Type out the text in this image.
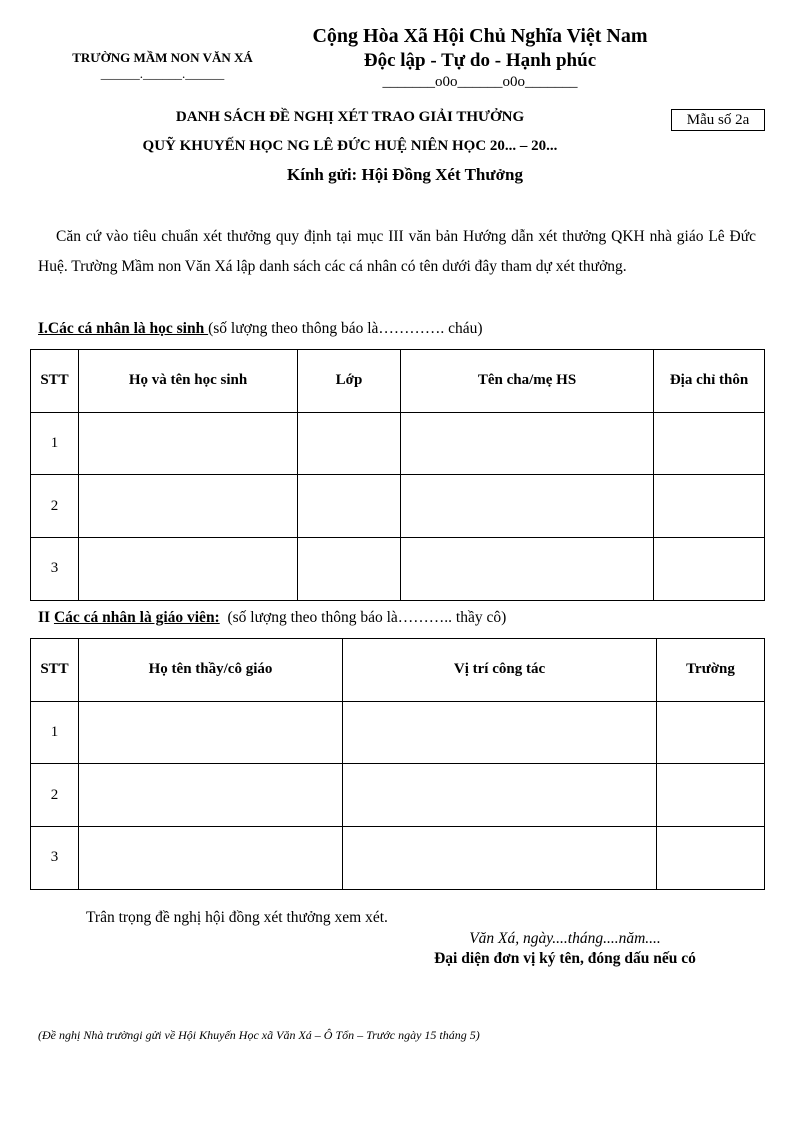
TRƯỜNG MẦM NON VĂN XÁ
______.______.______
Cộng Hòa Xã Hội Chủ Nghĩa Việt Nam
Độc lập - Tự do - Hạnh phúc
_______o0o______o0o_______
DANH SÁCH ĐỀ NGHỊ XÉT TRAO GIẢI THƯỞNG	Mẫu số 2a
QUỸ KHUYẾN HỌC NG LÊ ĐỨC HUỆ NIÊN HỌC 20... – 20...
Kính gửi: Hội Đồng Xét Thưởng
Căn cứ vào tiêu chuẩn xét thưởng quy định tại mục III văn bản Hướng dẫn xét thưởng QKH nhà giáo Lê Đức Huệ. Trường Mầm non Văn Xá lập danh sách các cá nhân có tên dưới đây tham dự xét thưởng.
I.Các cá nhân là học sinh (số lượng theo thông báo là…………. cháu)
STT	Họ và tên học sinh	Lớp	Tên cha/mẹ HS	Địa chỉ thôn
1				
2				
3				
II Các cá nhân là giáo viên:  (số lượng theo thông báo là……….. thầy cô)
STT	Họ tên thầy/cô giáo	Vị trí công tác	Trường
1			
2			
3			
Trân trọng đề nghị hội đồng xét thưởng xem xét.
Văn Xá, ngày....tháng....năm....
Đại diện đơn vị ký tên, đóng dấu nếu có
(Đề nghị Nhà trườngi gửi về Hội Khuyến Học xã Văn Xá – Ô Tổn – Trước ngày 15 tháng 5)
